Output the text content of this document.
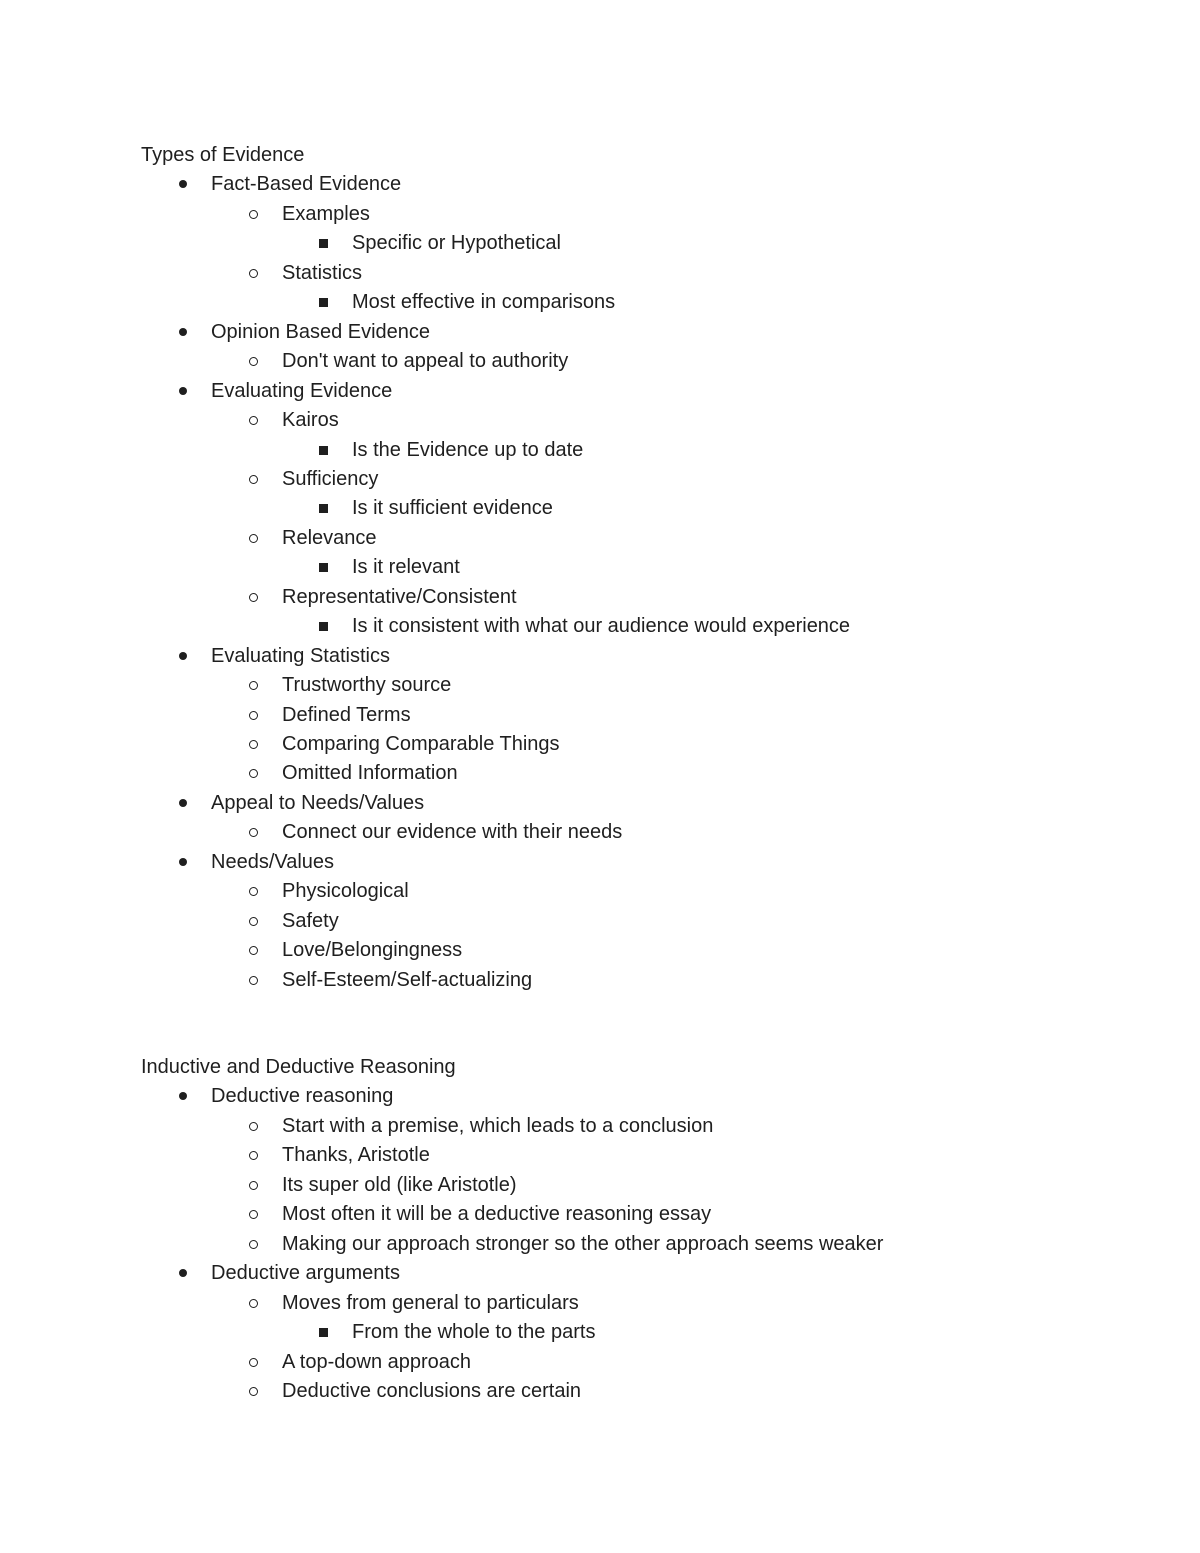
Types of Evidence
Fact-Based Evidence
Examples
Specific or Hypothetical
Statistics
Most effective in comparisons
Opinion Based Evidence
Don't want to appeal to authority
Evaluating Evidence
Kairos
Is the Evidence up to date
Sufficiency
Is it sufficient evidence
Relevance
Is it relevant
Representative/Consistent
Is it consistent with what our audience would experience
Evaluating Statistics
Trustworthy source
Defined Terms
Comparing Comparable Things
Omitted Information
Appeal to Needs/Values
Connect our evidence with their needs
Needs/Values
Physicological
Safety
Love/Belongingness
Self-Esteem/Self-actualizing
Inductive and Deductive Reasoning
Deductive reasoning
Start with a premise, which leads to a conclusion
Thanks, Aristotle
Its super old (like Aristotle)
Most often it will be a deductive reasoning essay
Making our approach stronger so the other approach seems weaker
Deductive arguments
Moves from general to particulars
From the whole to the parts
A top-down approach
Deductive conclusions are certain
